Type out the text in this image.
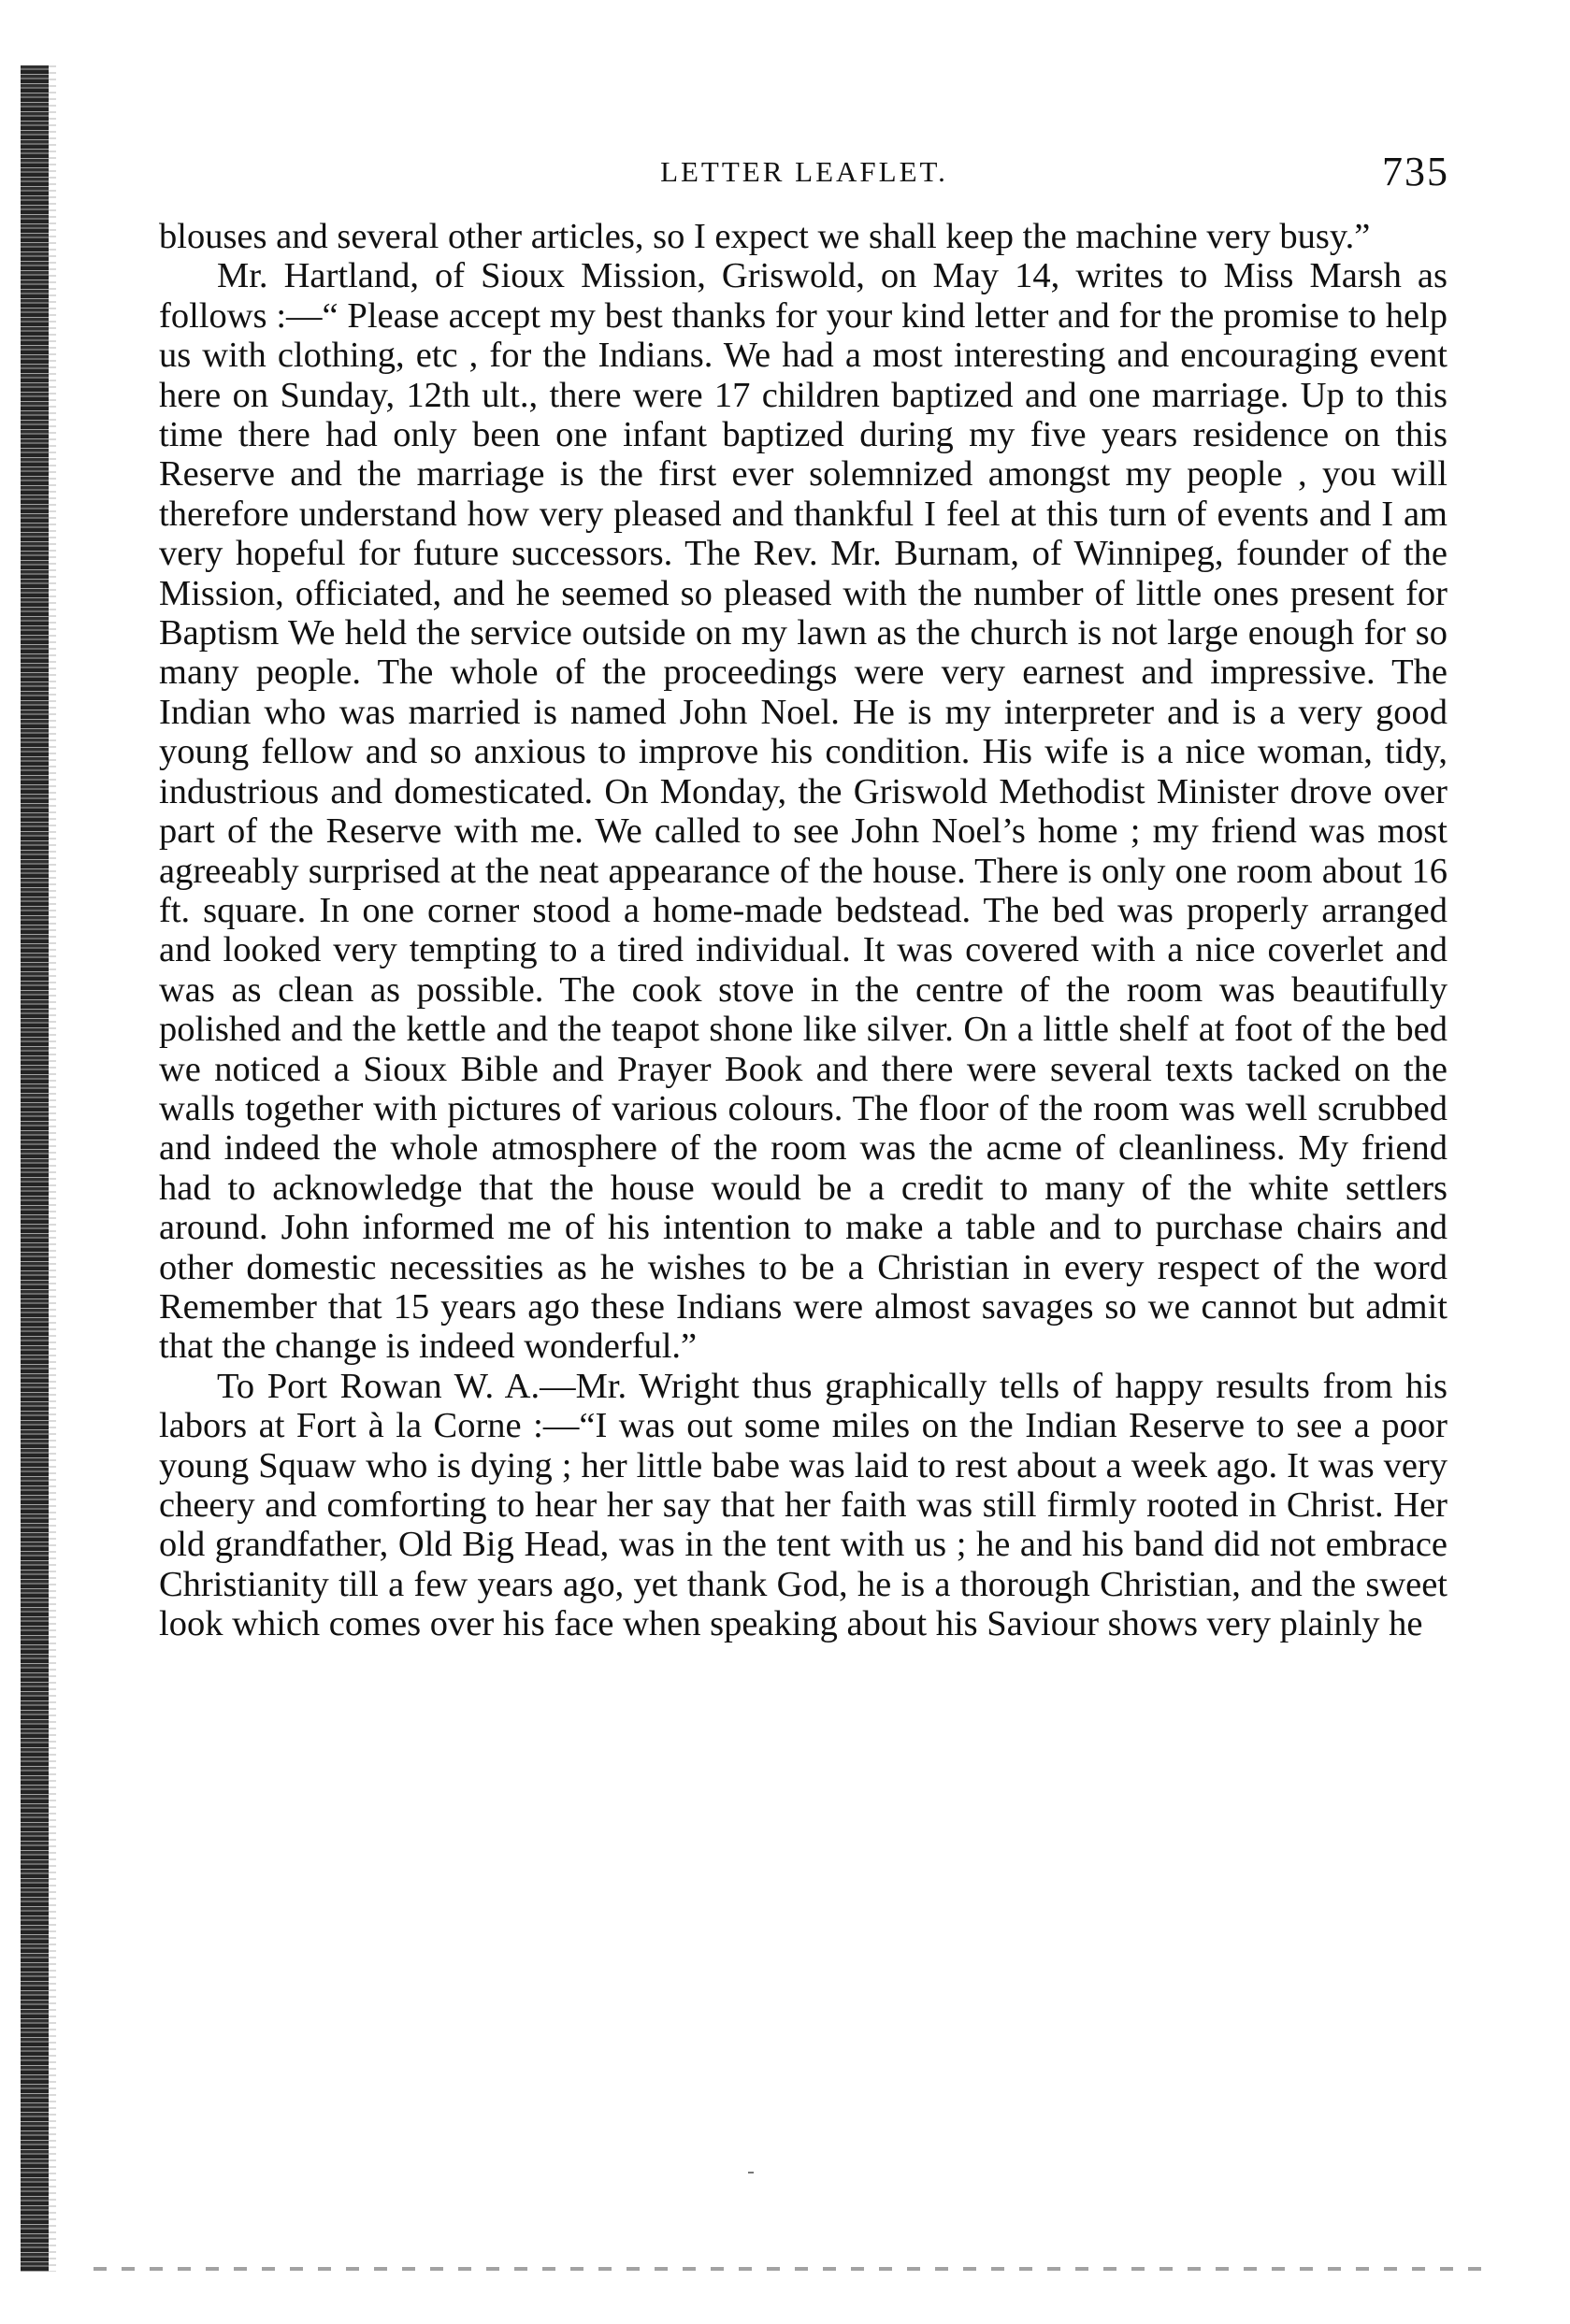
LETTER LEAFLET.	735

blouses and several other articles, so I expect we shall keep the machine very busy.”

Mr. Hartland, of Sioux Mission, Griswold, on May 14, writes to Miss Marsh as follows :—“ Please accept my best thanks for your kind letter and for the promise to help us with clothing, etc , for the Indians. We had a most interesting and encouraging event here on Sunday, 12th ult., there were 17 children baptized and one marriage. Up to this time there had only been one infant baptized during my five years residence on this Reserve and the marriage is the first ever solemnized amongst my people , you will therefore understand how very pleased and thankful I feel at this turn of events and I am very hopeful for future successors. The Rev. Mr. Burnam, of Winnipeg, founder of the Mission, officiated, and he seemed so pleased with the number of little ones present for Baptism We held the service outside on my lawn as the church is not large enough for so many people. The whole of the proceedings were very earnest and impressive. The Indian who was married is named John Noel. He is my interpreter and is a very good young fellow and so anxious to improve his condition. His wife is a nice woman, tidy, industrious and domesticated. On Monday, the Griswold Methodist Minister drove over part of the Reserve with me. We called to see John Noel’s home ; my friend was most agreeably surprised at the neat appearance of the house. There is only one room about 16 ft. square. In one corner stood a home-made bedstead. The bed was properly arranged and looked very tempting to a tired individual. It was covered with a nice coverlet and was as clean as possible. The cook stove in the centre of the room was beautifully polished and the kettle and the teapot shone like silver. On a little shelf at foot of the bed we noticed a Sioux Bible and Prayer Book and there were several texts tacked on the walls together with pictures of various colours. The floor of the room was well scrubbed and indeed the whole atmosphere of the room was the acme of cleanliness. My friend had to acknowledge that the house would be a credit to many of the white settlers around. John informed me of his intention to make a table and to purchase chairs and other domestic necessities as he wishes to be a Christian in every respect of the word Remember that 15 years ago these Indians were almost savages so we cannot but admit that the change is indeed wonderful.”

To Port Rowan W. A.—Mr. Wright thus graphically tells of happy results from his labors at Fort à la Corne :—“I was out some miles on the Indian Reserve to see a poor young Squaw who is dying ; her little babe was laid to rest about a week ago. It was very cheery and comforting to hear her say that her faith was still firmly rooted in Christ. Her old grandfather, Old Big Head, was in the tent with us ; he and his band did not embrace Christianity till a few years ago, yet thank God, he is a thorough Christian, and the sweet look which comes over his face when speaking about his Saviour shows very plainly he
